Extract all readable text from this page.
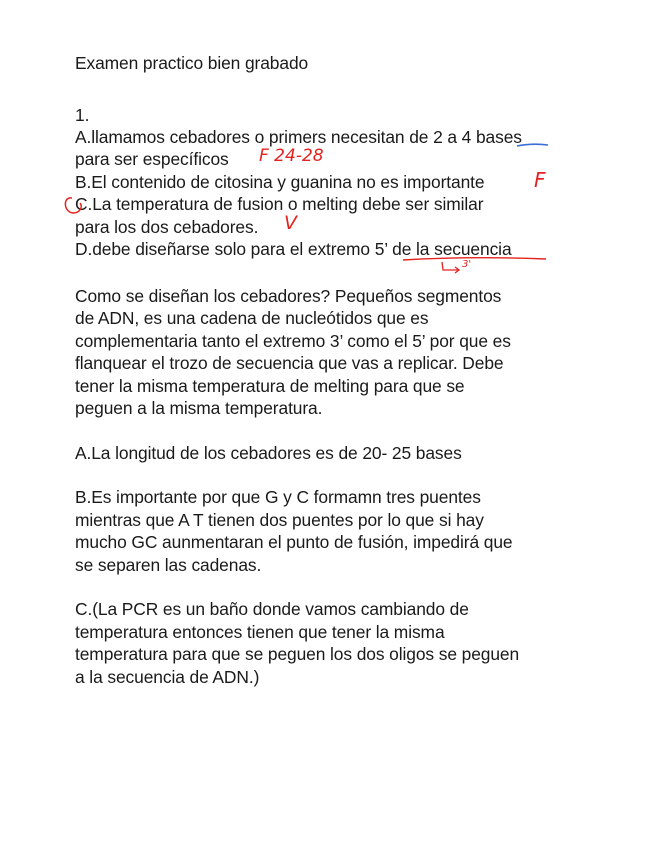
Examen practico bien grabado
1.
A.llamamos cebadores o primers necesitan de 2 a 4 bases
para ser específicos
B.El contenido de citosina y guanina no es importante
C.La temperatura de fusion o melting debe ser similar
para los dos cebadores.
D.debe diseñarse solo para el extremo 5’ de la secuencia
Como se diseñan los cebadores? Pequeños segmentos
de ADN, es una cadena de nucleótidos que es
complementaria tanto el extremo 3’ como el 5’ por que es
flanquear el trozo de secuencia que vas a replicar. Debe
tener la misma temperatura de melting para que se
peguen a la misma temperatura.
A.La longitud de los cebadores es de 20- 25 bases
B.Es importante por que G y C formamn tres puentes
mientras que A T tienen dos puentes por lo que si hay
mucho GC aunmentaran el punto de fusión, impedirá que
se separen las cadenas.
C.(La PCR es un baño donde vamos cambiando de
temperatura entonces tienen que tener la misma
temperatura para que se peguen los dos oligos se peguen
a la secuencia de ADN.)
F 24-28
F
V
3'
